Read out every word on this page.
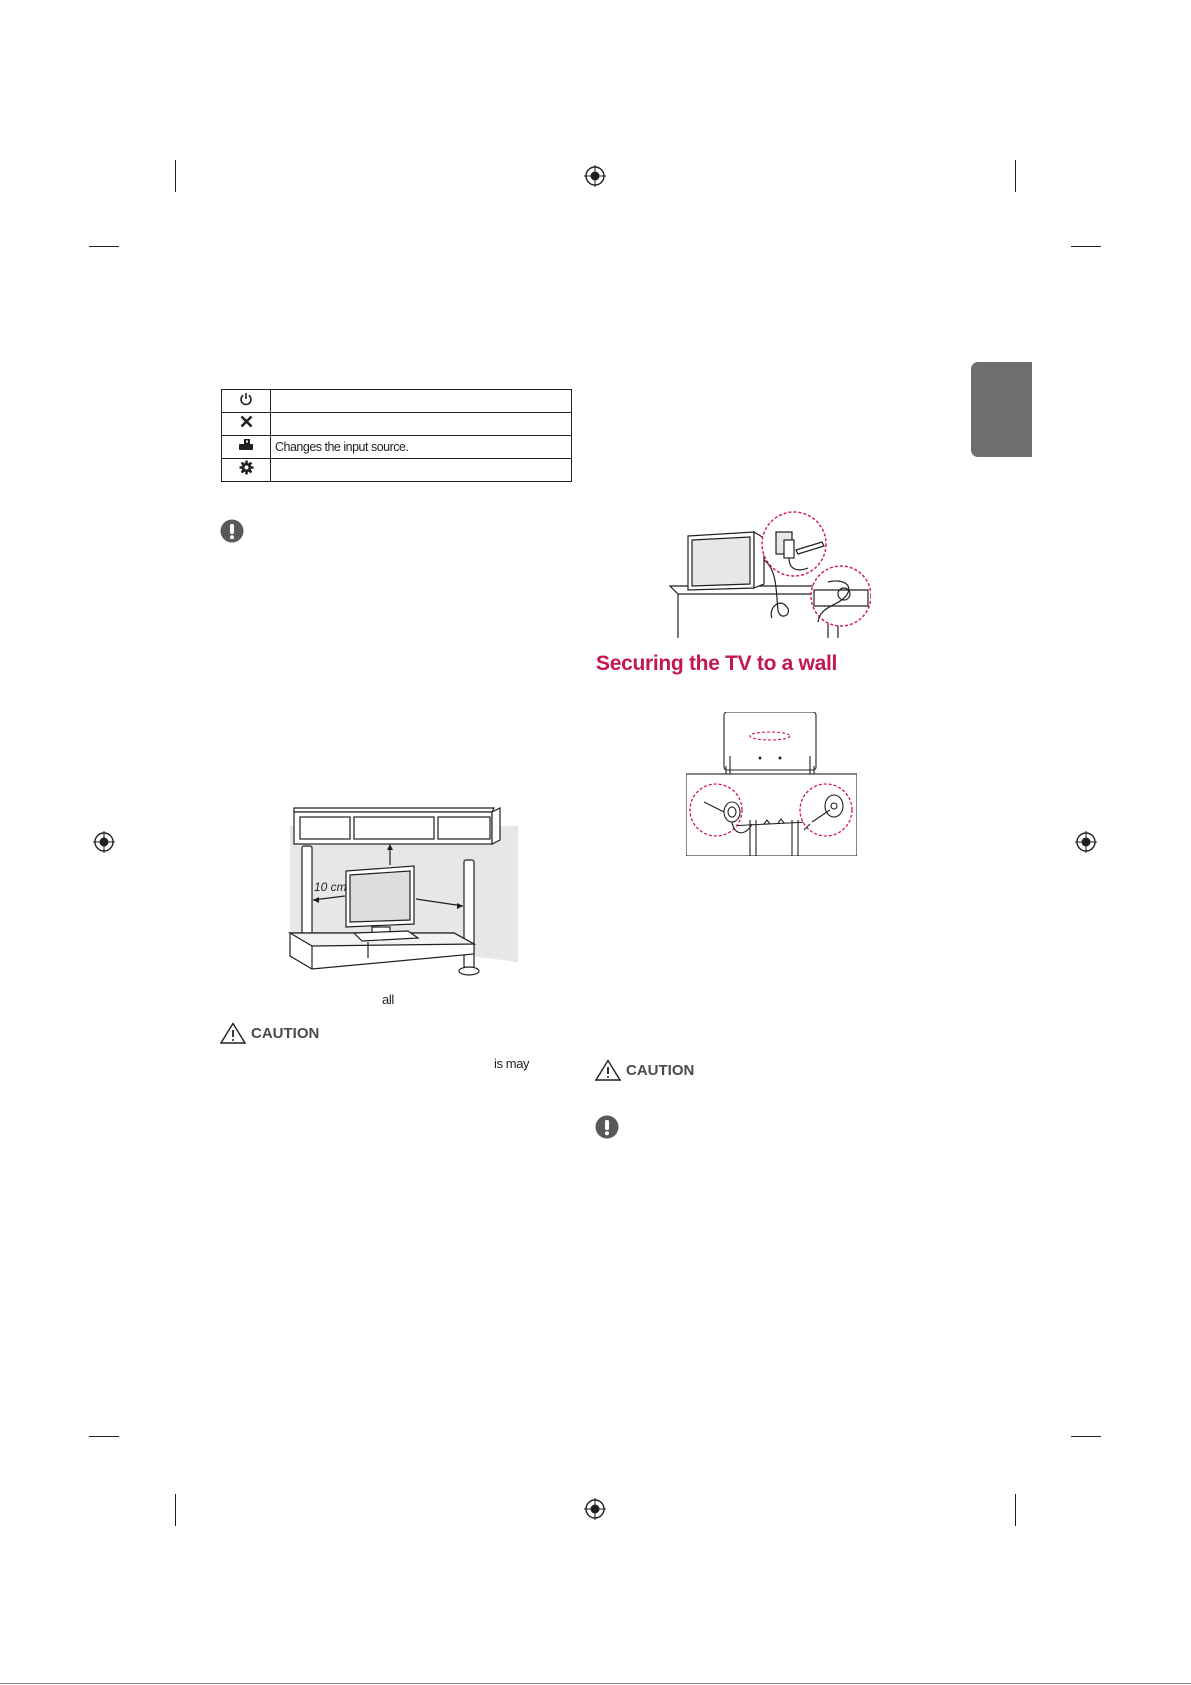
	Changes the input source.

10 cm
all
CAUTION
is may
Securing the TV to a wall
CAUTION
